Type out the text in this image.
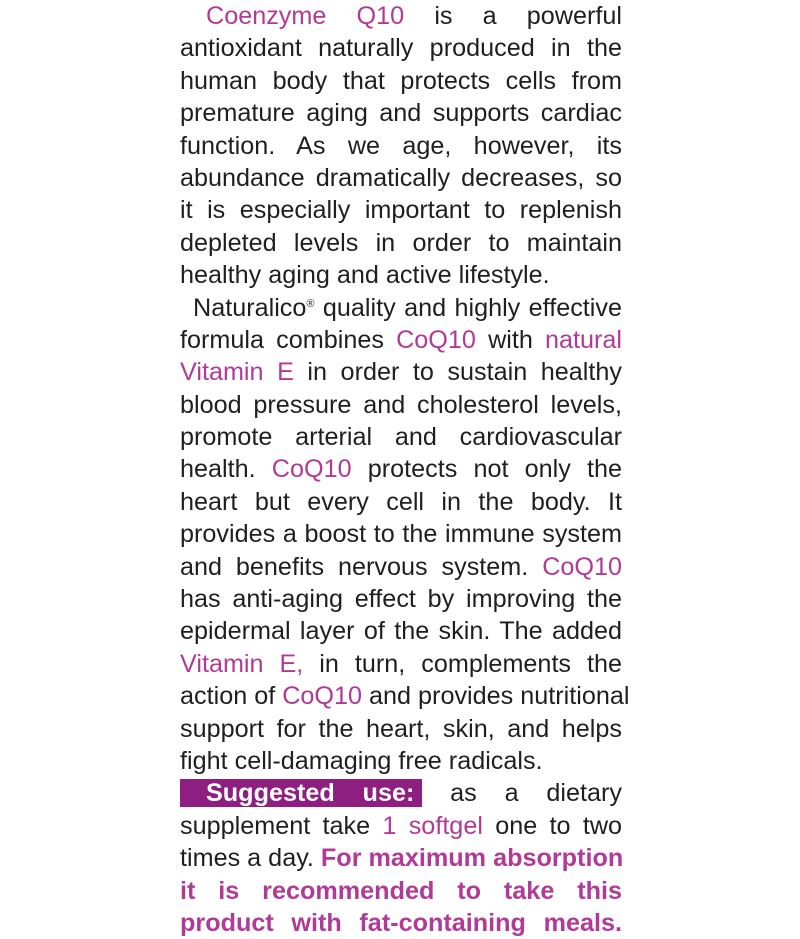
Coenzyme Q10 is a powerful
antioxidant naturally produced in the
human body that protects cells from
premature aging and supports cardiac
function. As we age, however, its
abundance dramatically decreases, so
it is especially important to replenish
depleted levels in order to maintain
healthy aging and active lifestyle.
Naturalico® quality and highly effective
formula combines CoQ10 with natural
Vitamin E in order to sustain healthy
blood pressure and cholesterol levels,
promote arterial and cardiovascular
health. CoQ10 protects not only the
heart but every cell in the body. It
provides a boost to the immune system
and benefits nervous system. CoQ10
has anti-aging effect by improving the
epidermal layer of the skin. The added
Vitamin E, in turn, complements the
action of CoQ10 and provides nutritional
support for the heart, skin, and helps
fight cell-damaging free radicals.
Suggested use: as a dietary
supplement take 1 softgel one to two
times a day. For maximum absorption
it is recommended to take this
product with fat-containing meals.
